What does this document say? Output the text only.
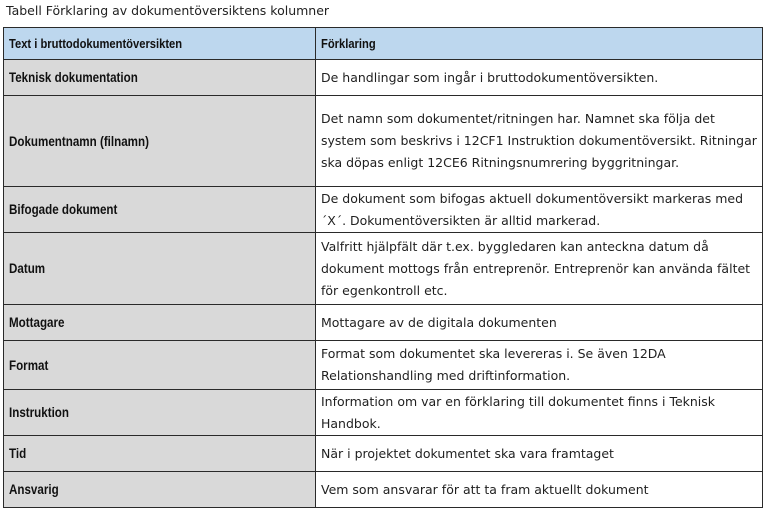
Tabell Förklaring av dokumentöversiktens kolumner
Text i bruttodokumentöversikten	Förklaring
Teknisk dokumentation	De handlingar som ingår i bruttodokumentöversikten.
Dokumentnamn (filnamn)	Det namn som dokumentet/ritningen har. Namnet ska följa det system som beskrivs i 12CF1 Instruktion dokumentöversikt. Ritningar ska döpas enligt 12CE6 Ritningsnumrering byggritningar.
Bifogade dokument	De dokument som bifogas aktuell dokumentöversikt markeras med ´X´. Dokumentöversikten är alltid markerad.
Datum	Valfritt hjälpfält där t.ex. byggledaren kan anteckna datum då dokument mottogs från entreprenör. Entreprenör kan använda fältet för egenkontroll etc.
Mottagare	Mottagare av de digitala dokumenten
Format	Format som dokumentet ska levereras i. Se även 12DA Relationshandling med driftinformation.
Instruktion	Information om var en förklaring till dokumentet finns i Teknisk Handbok.
Tid	När i projektet dokumentet ska vara framtaget
Ansvarig	Vem som ansvarar för att ta fram aktuellt dokument
